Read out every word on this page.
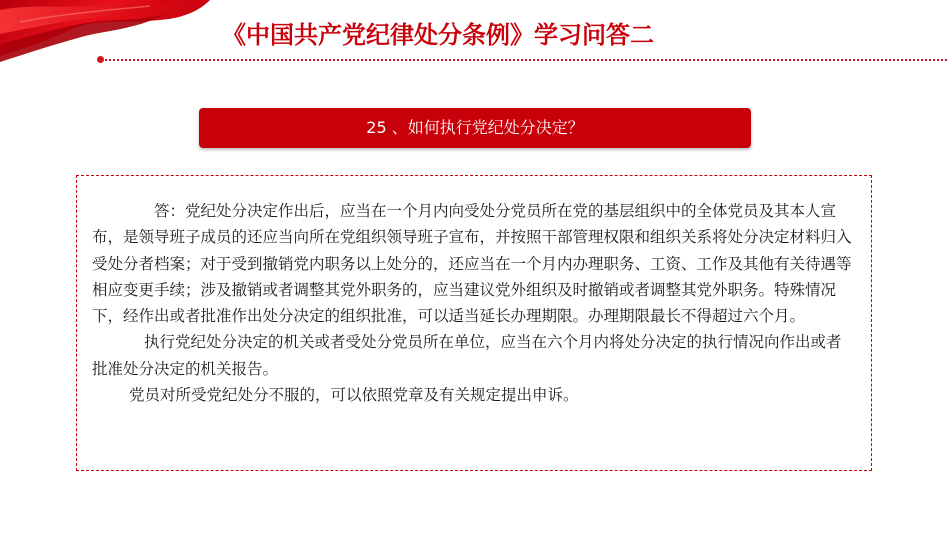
《中国共产党纪律处分条例》学习问答二
25 、如何执行党纪处分决定？

答：党纪处分决定作出后，应当在一个月内向受处分党员所在党的基层组织中的全体党员及其本人宣布，是领导班子成员的还应当向所在党组织领导班子宣布，并按照干部管理权限和组织关系将处分决定材料归入受处分者档案；对于受到撤销党内职务以上处分的，还应当在一个月内办理职务、工资、工作及其他有关待遇等相应变更手续；涉及撤销或者调整其党外职务的，应当建议党外组织及时撤销或者调整其党外职务。特殊情况下，经作出或者批准作出处分决定的组织批准，可以适当延长办理期限。办理期限最长不得超过六个月。

执行党纪处分决定的机关或者受处分党员所在单位，应当在六个月内将处分决定的执行情况向作出或者批准处分决定的机关报告。

党员对所受党纪处分不服的，可以依照党章及有关规定提出申诉。
